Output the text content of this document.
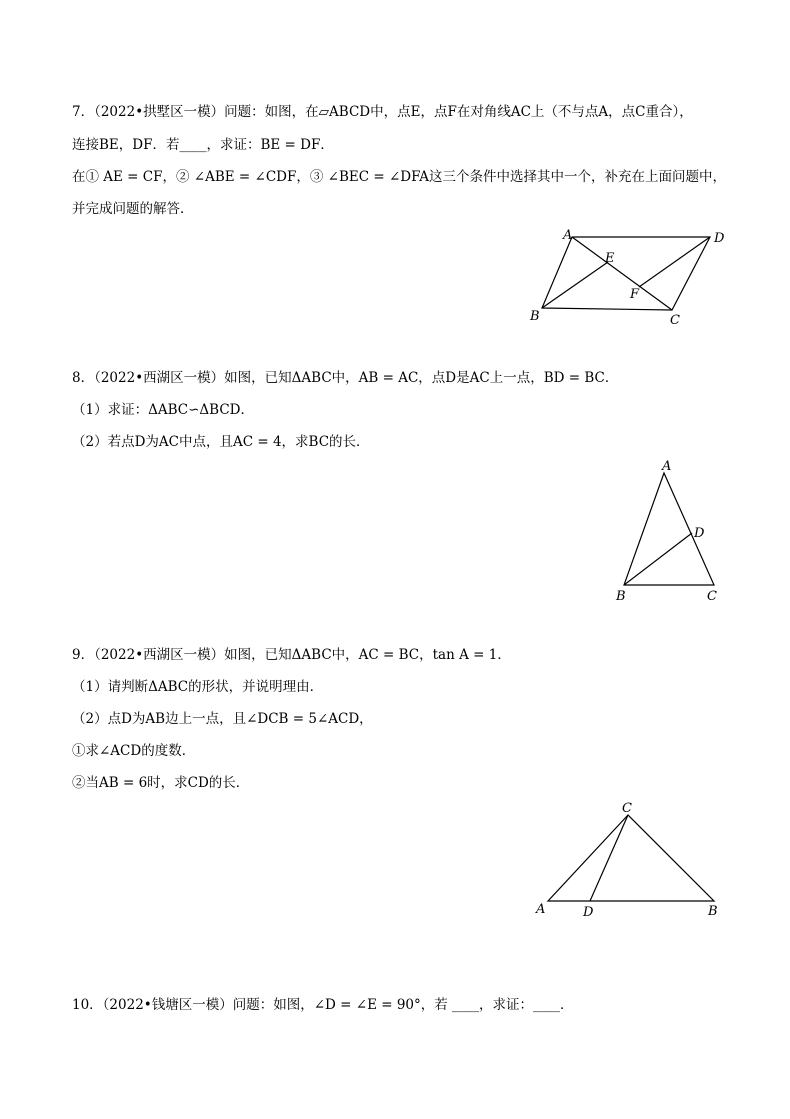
7．（2022•拱墅区一模）问题：如图，在▱ABCD中，点E，点F在对角线AC上（不与点A，点C重合），
连接BE，DF．若____，求证：BE = DF．
在① AE = CF，② ∠ABE = ∠CDF，③ ∠BEC = ∠DFA这三个条件中选择其中一个，补充在上面问题中，
并完成问题的解答．
A	D
E
F
B	C
8．（2022•西湖区一模）如图，已知ΔABC中，AB = AC，点D是AC上一点，BD = BC．
（1）求证：ΔABC∽ΔBCD．
（2）若点D为AC中点，且AC = 4，求BC的长．
A
D
B	C
9．（2022•西湖区一模）如图，已知ΔABC中，AC = BC，tan A = 1．
（1）请判断ΔABC的形状，并说明理由．
（2）点D为AB边上一点，且∠DCB = 5∠ACD，
①求∠ACD的度数．
②当AB = 6时，求CD的长．
C
A	D	B
10．（2022•钱塘区一模）问题：如图，∠D = ∠E = 90°，若 ____，求证：____．
